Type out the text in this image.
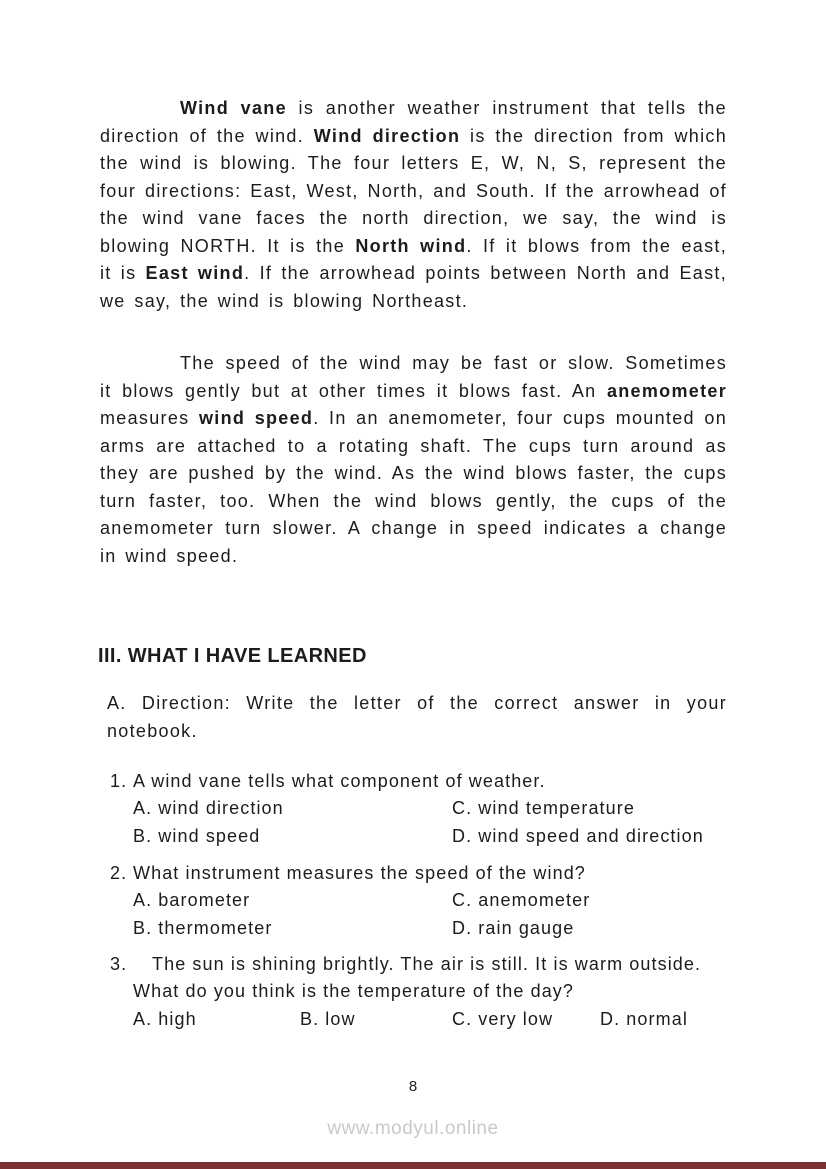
Wind vane is another weather instrument that tells the direction of the wind. Wind direction is the direction from which the wind is blowing. The four letters E, W, N, S, represent the four directions: East, West, North, and South. If the arrowhead of the wind vane faces the north direction, we say, the wind is blowing NORTH. It is the North wind. If it blows from the east, it is East wind. If the arrowhead points between North and East, we say, the wind is blowing Northeast.

The speed of the wind may be fast or slow. Sometimes it blows gently but at other times it blows fast. An anemometer measures wind speed. In an anemometer, four cups mounted on arms are attached to a rotating shaft. The cups turn around as they are pushed by the wind. As the wind blows faster, the cups turn faster, too. When the wind blows gently, the cups of the anemometer turn slower. A change in speed indicates a change in wind speed.

III. WHAT I HAVE LEARNED

A. Direction: Write the letter of the correct answer in your notebook.

1. A wind vane tells what component of weather.
A. wind direction	C. wind temperature
B. wind speed	D. wind speed and direction
2. What instrument measures the speed of the wind?
A. barometer	C. anemometer
B. thermometer	D. rain gauge
3.	The sun is shining brightly. The air is still. It is warm outside. What do you think is the temperature of the day?
A. high	B. low	C. very low	D. normal
8
www.modyul.online
